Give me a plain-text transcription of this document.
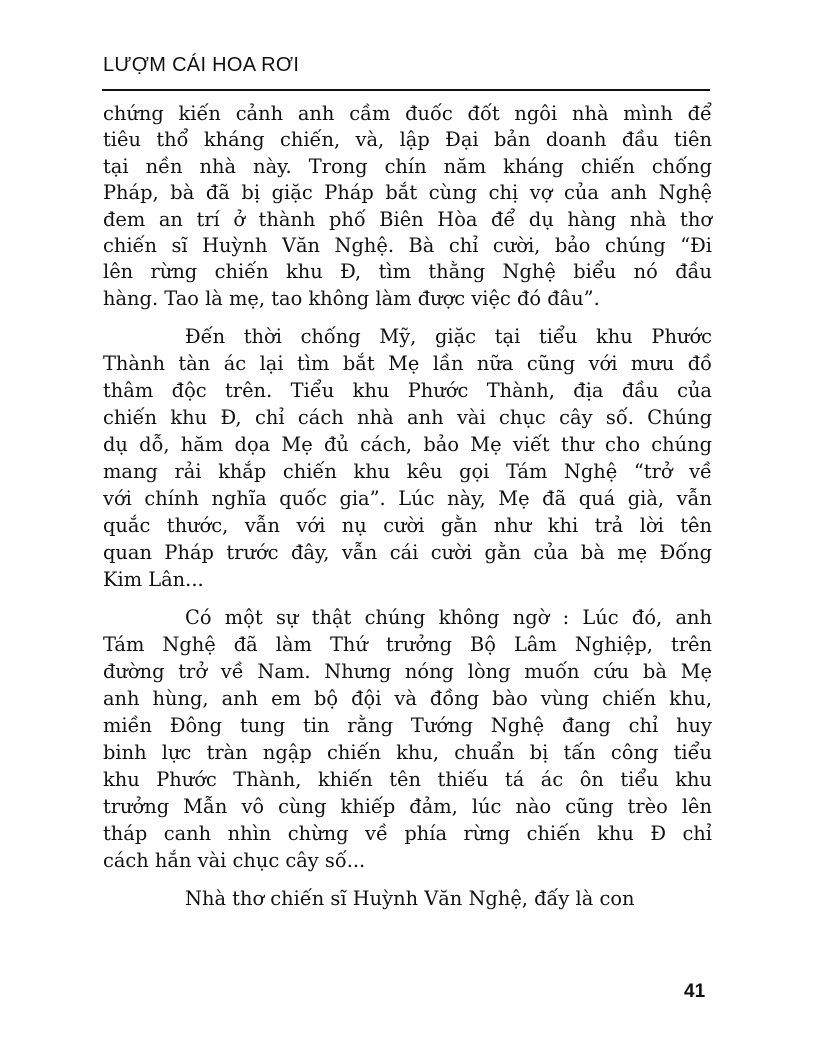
LƯỢM CÁI HOA RƠI
chứng kiến cảnh anh cầm đuốc đốt ngôi nhà mình để
tiêu thổ kháng chiến, và, lập Đại bản doanh đầu tiên
tại nền nhà này. Trong chín năm kháng chiến chống
Pháp, bà đã bị giặc Pháp bắt cùng chị vợ của anh Nghệ
đem an trí ở thành phố Biên Hòa để dụ hàng nhà thơ
chiến sĩ Huỳnh Văn Nghệ. Bà chỉ cười, bảo chúng “Đi
lên rừng chiến khu Đ, tìm thằng Nghệ biểu nó đầu
hàng. Tao là mẹ, tao không làm được việc đó đâu”.
Đến thời chống Mỹ, giặc tại tiểu khu Phước
Thành tàn ác lại tìm bắt Mẹ lần nữa cũng với mưu đồ
thâm độc trên. Tiểu khu Phước Thành, địa đầu của
chiến khu Đ, chỉ cách nhà anh vài chục cây số. Chúng
dụ dỗ, hăm dọa Mẹ đủ cách, bảo Mẹ viết thư cho chúng
mang rải khắp chiến khu kêu gọi Tám Nghệ “trở về
với chính nghĩa quốc gia”. Lúc này, Mẹ đã quá già, vẫn
quắc thước, vẫn với nụ cười gằn như khi trả lời tên
quan Pháp trước đây, vẫn cái cười gằn của bà mẹ Đống
Kim Lân...
Có một sự thật chúng không ngờ : Lúc đó, anh
Tám Nghệ đã làm Thứ trưởng Bộ Lâm Nghiệp, trên
đường trở về Nam. Nhưng nóng lòng muốn cứu bà Mẹ
anh hùng, anh em bộ đội và đồng bào vùng chiến khu,
miền Đông tung tin rằng Tướng Nghệ đang chỉ huy
binh lực tràn ngập chiến khu, chuẩn bị tấn công tiểu
khu Phước Thành, khiến tên thiếu tá ác ôn tiểu khu
trưởng Mẫn vô cùng khiếp đảm, lúc nào cũng trèo lên
tháp canh nhìn chừng về phía rừng chiến khu Đ chỉ
cách hắn vài chục cây số...
Nhà thơ chiến sĩ Huỳnh Văn Nghệ, đấy là con
41
